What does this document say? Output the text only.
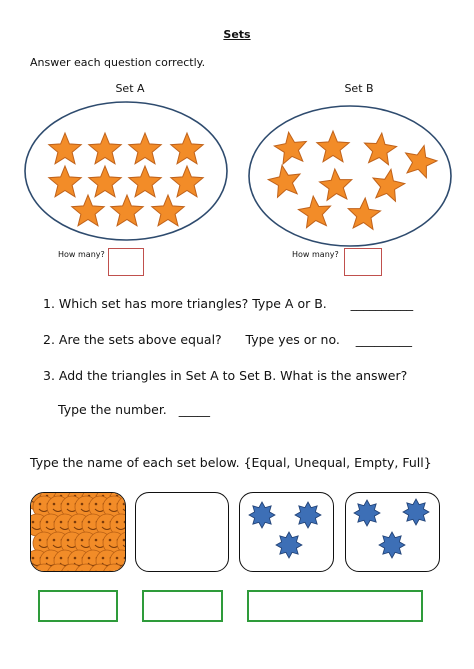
Sets
Answer each question correctly.
Set A	Set B
How many?	How many?
1. Which set has more triangles? Type A or B.      __________
2. Are the sets above equal?      Type yes or no.    _________
3. Add the triangles in Set A to Set B. What is the answer?
Type the number.   _____
Type the name of each set below. {Equal, Unequal, Empty, Full}
